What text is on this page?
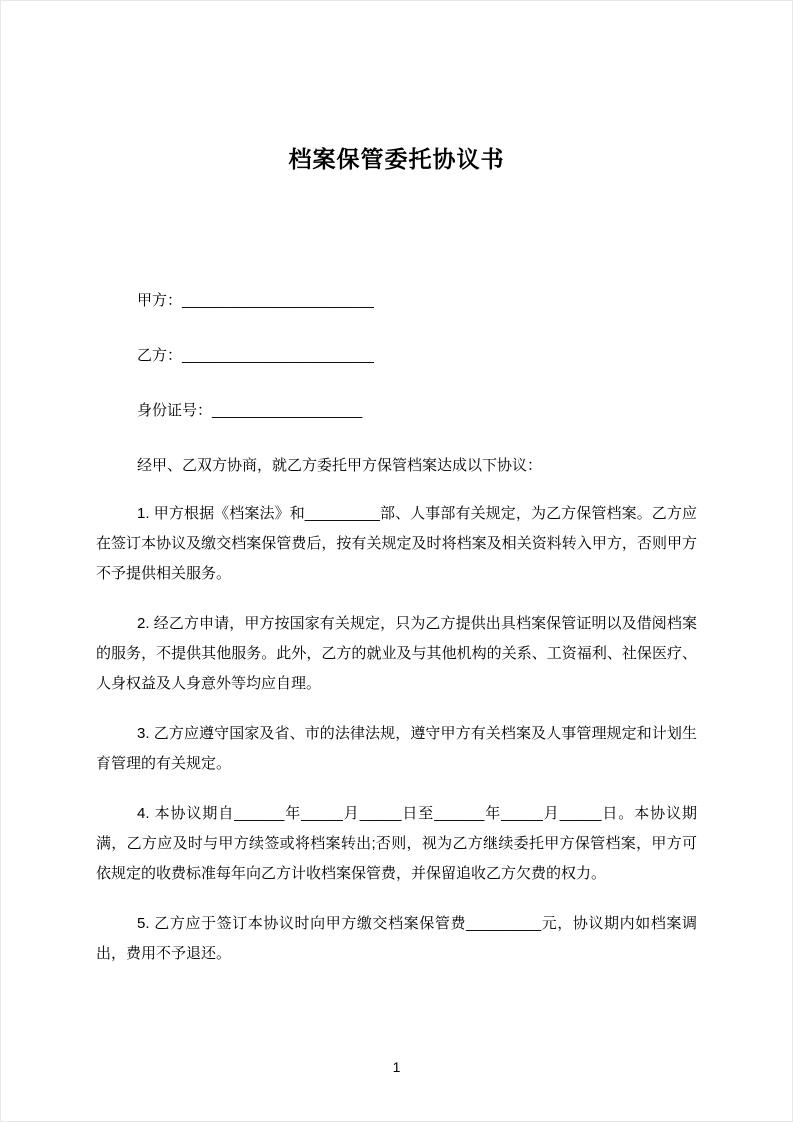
档案保管委托协议书
甲方：_______________________
乙方：_______________________
身份证号：__________________

经甲、乙双方协商，就乙方委托甲方保管档案达成以下协议：

1. 甲方根据《档案法》和_________部、人事部有关规定，为乙方保管档案。乙方应在签订本协议及缴交档案保管费后，按有关规定及时将档案及相关资料转入甲方，否则甲方不予提供相关服务。

2. 经乙方申请，甲方按国家有关规定，只为乙方提供出具档案保管证明以及借阅档案的服务，不提供其他服务。此外，乙方的就业及与其他机构的关系、工资福利、社保医疗、人身权益及人身意外等均应自理。

3. 乙方应遵守国家及省、市的法律法规，遵守甲方有关档案及人事管理规定和计划生育管理的有关规定。

4. 本协议期自______年_____月_____日至______年_____月_____日。本协议期满，乙方应及时与甲方续签或将档案转出;否则，视为乙方继续委托甲方保管档案，甲方可依规定的收费标准每年向乙方计收档案保管费，并保留追收乙方欠费的权力。

5. 乙方应于签订本协议时向甲方缴交档案保管费_________元，协议期内如档案调出，费用不予退还。

1
